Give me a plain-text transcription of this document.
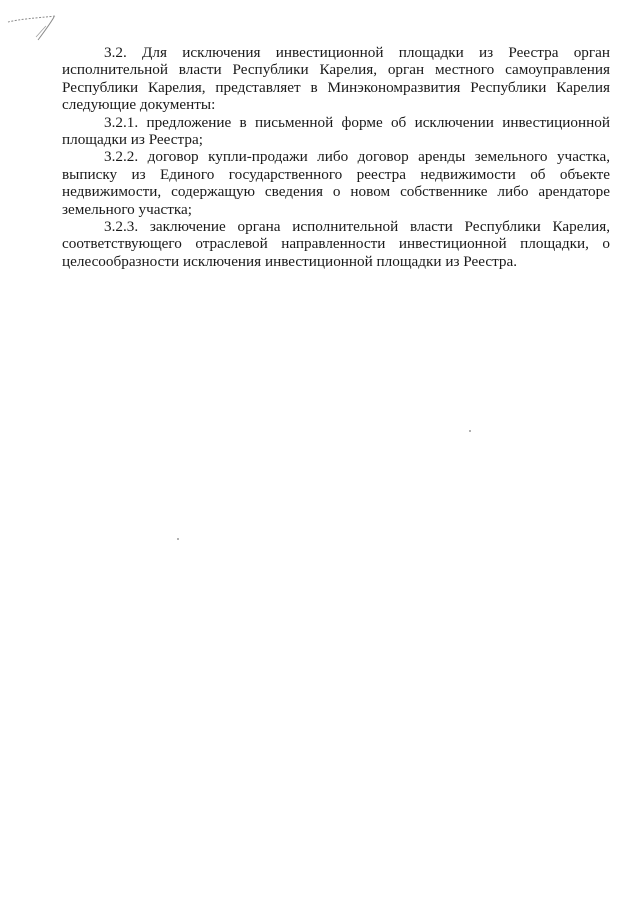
3.2. Для исключения инвестиционной площадки из Реестра орган исполнительной власти Республики Карелия, орган местного самоуправления Республики Карелия, представляет в Минэкономразвития Республики Карелия следующие документы:

3.2.1. предложение в письменной форме об исключении инвестиционной площадки из Реестра;

3.2.2. договор купли-продажи либо договор аренды земельного участка, выписку из Единого государственного реестра недвижимости об объекте недвижимости, содержащую сведения о новом собственнике либо арендаторе земельного участка;

3.2.3. заключение органа исполнительной власти Республики Карелия, соответствующего отраслевой направленности инвестиционной площадки, о целесообразности исключения инвестиционной площадки из Реестра.
